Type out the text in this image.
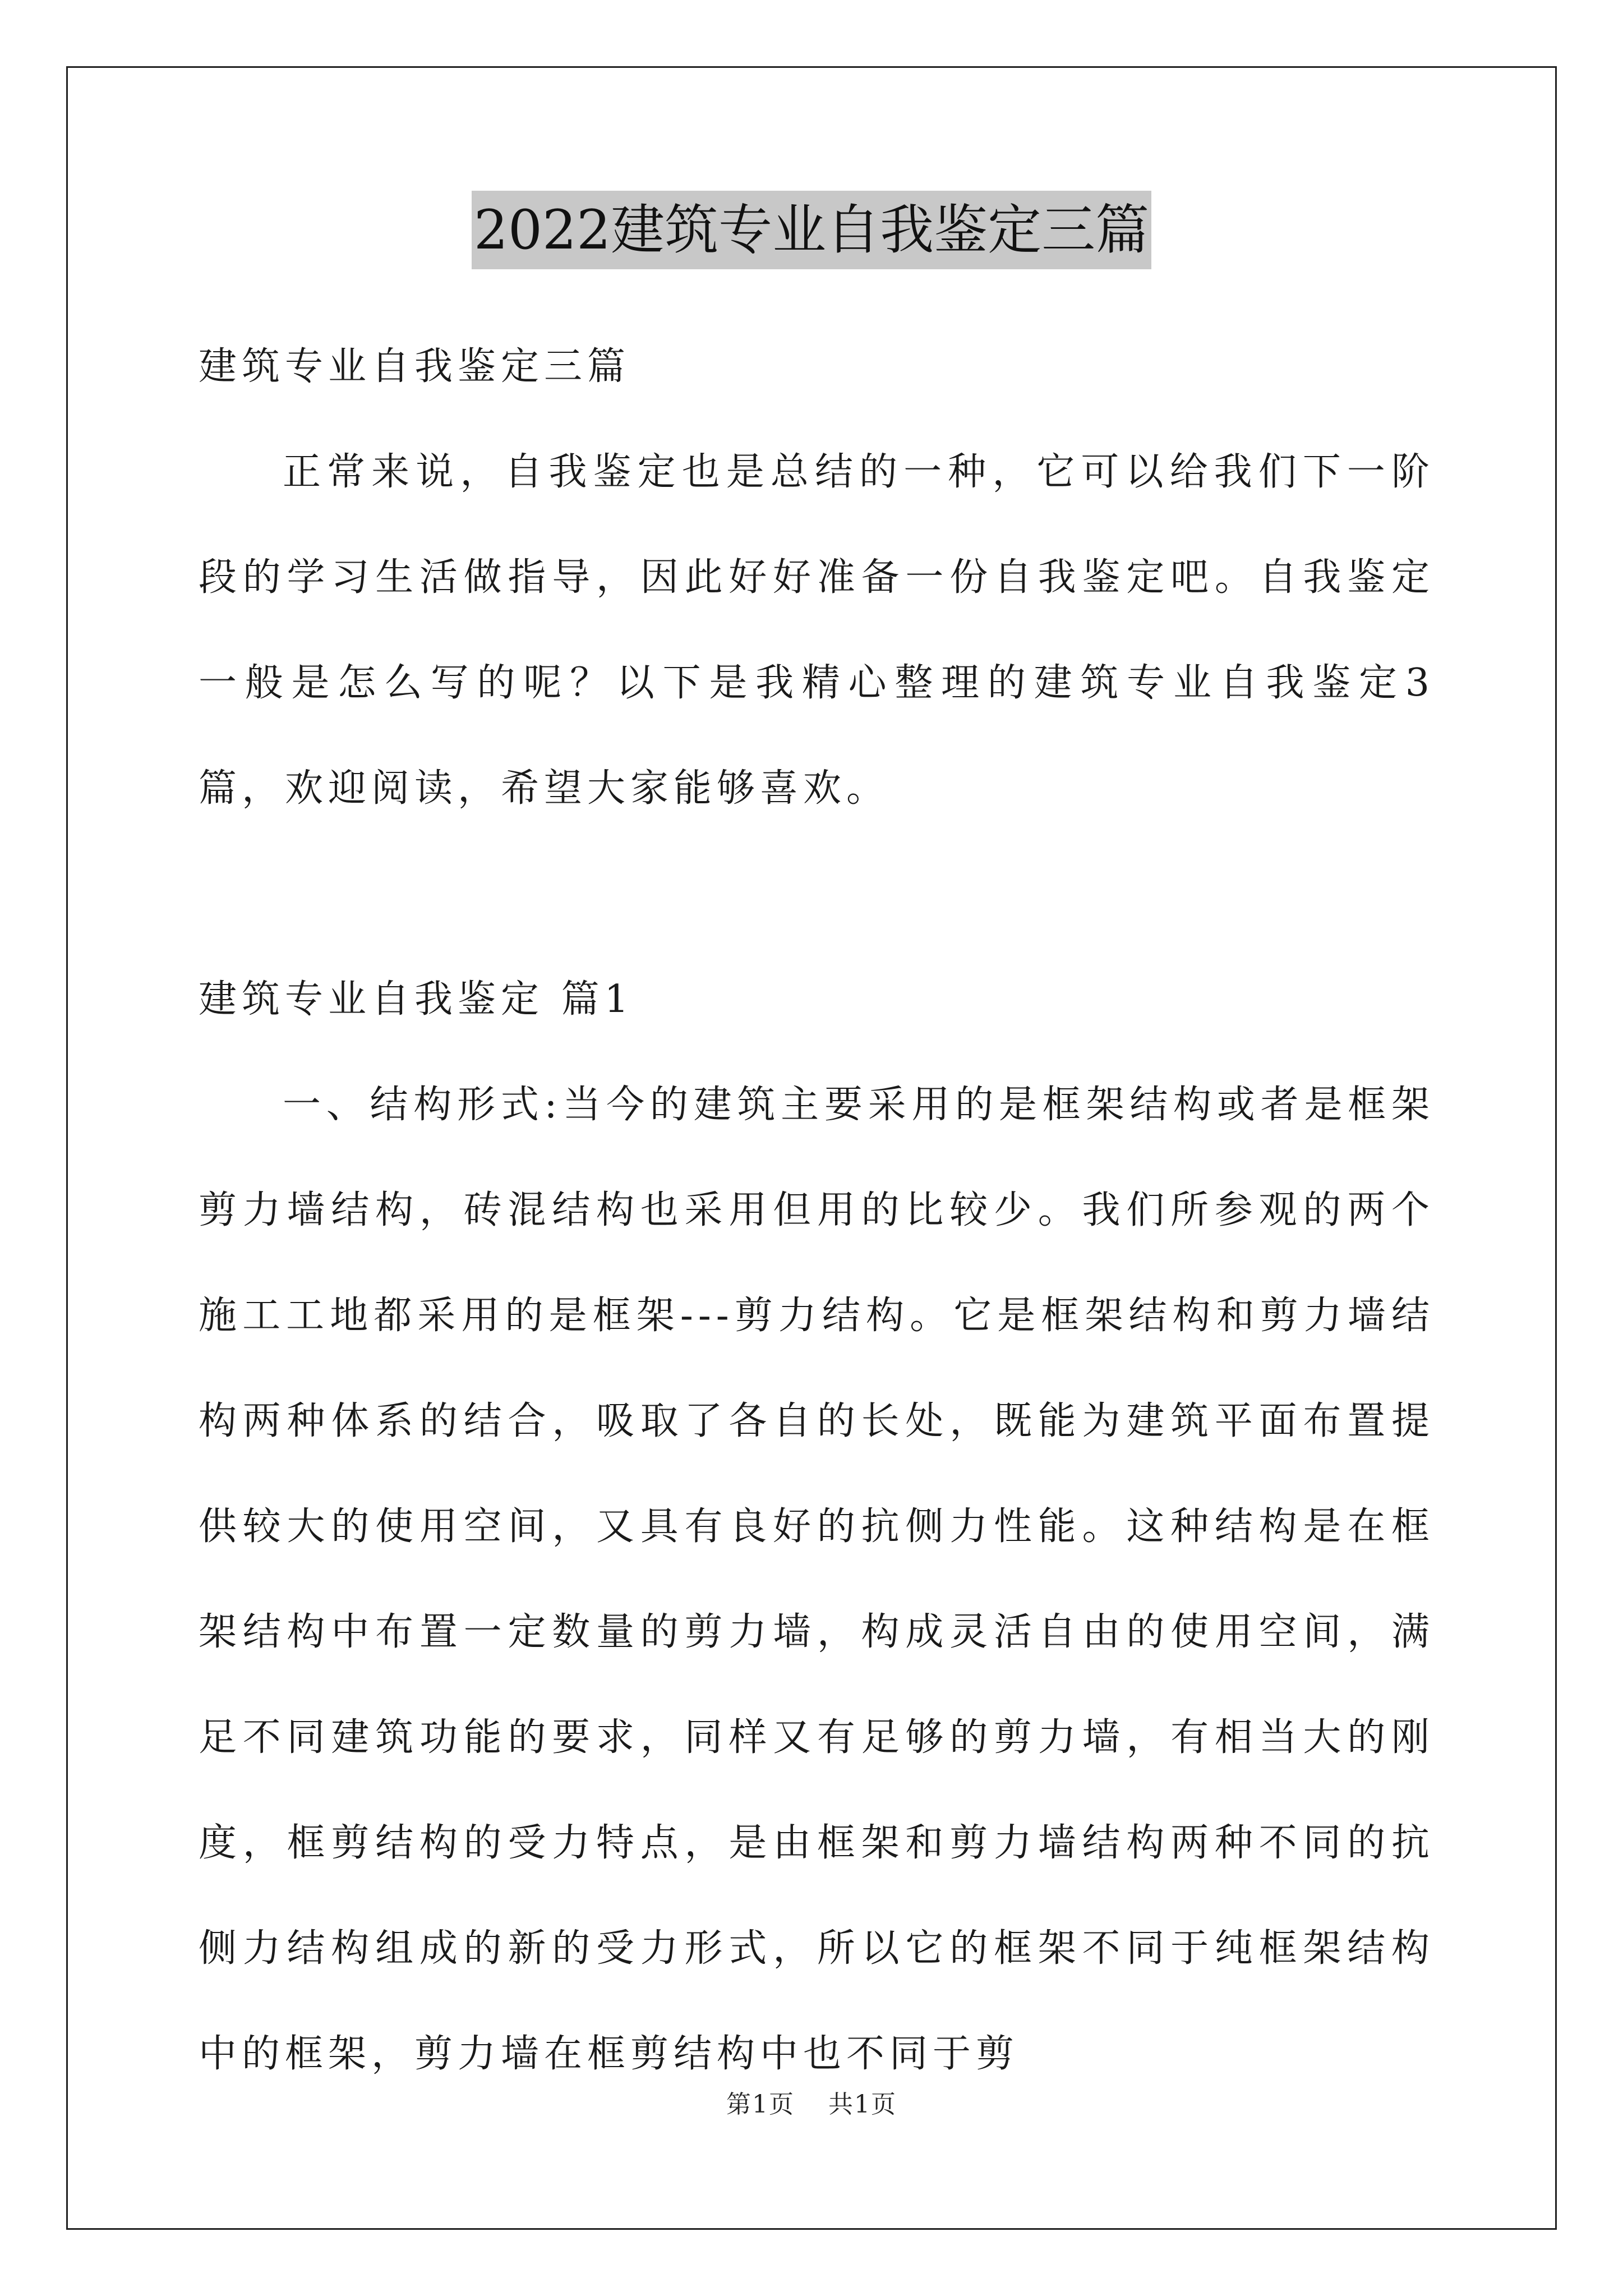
2022建筑专业自我鉴定三篇

建筑专业自我鉴定三篇

正常来说，自我鉴定也是总结的一种，它可以给我们下一阶段的学习生活做指导，因此好好准备一份自我鉴定吧。自我鉴定一般是怎么写的呢？以下是我精心整理的建筑专业自我鉴定3篇，欢迎阅读，希望大家能够喜欢。

建筑专业自我鉴定 篇1

一、结构形式:当今的建筑主要采用的是框架结构或者是框架剪力墙结构，砖混结构也采用但用的比较少。我们所参观的两个施工工地都采用的是框架---剪力结构。它是框架结构和剪力墙结构两种体系的结合，吸取了各自的长处，既能为建筑平面布置提供较大的使用空间，又具有良好的抗侧力性能。这种结构是在框架结构中布置一定数量的剪力墙，构成灵活自由的使用空间，满足不同建筑功能的要求，同样又有足够的剪力墙，有相当大的刚度，框剪结构的受力特点，是由框架和剪力墙结构两种不同的抗侧力结构组成的新的受力形式，所以它的框架不同于纯框架结构中的框架，剪力墙在框剪结构中也不同于剪

第1页 共1页
